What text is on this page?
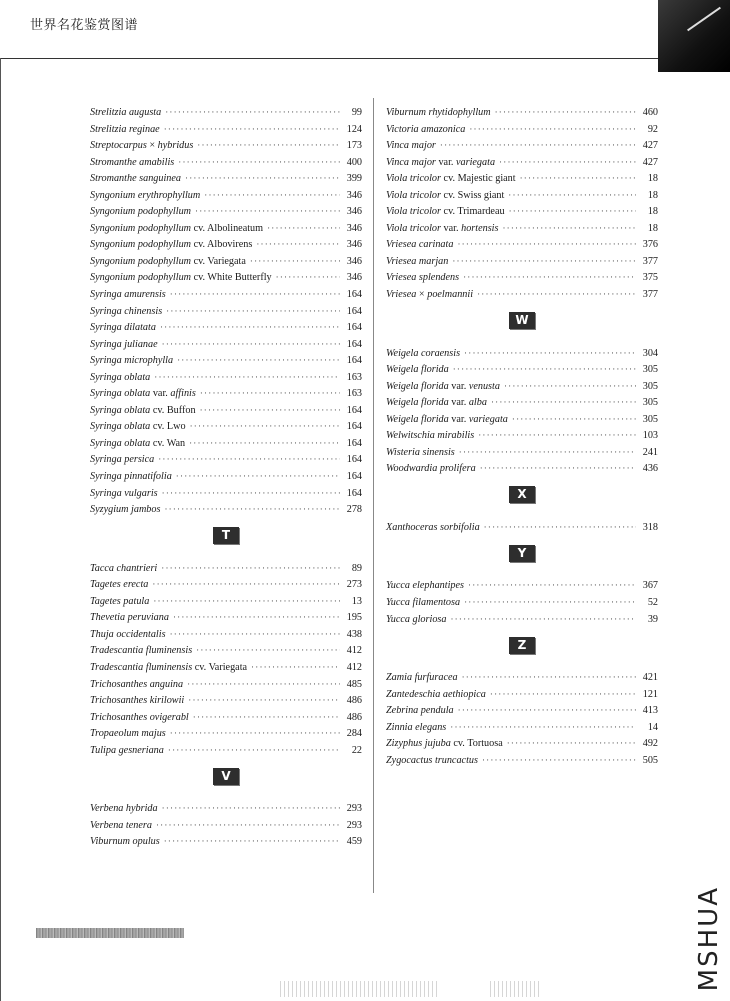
世界名花鉴赏图谱
Strelitzia augusta ·····	99
Strelitzia reginae ·····	124
Streptocarpus × hybridus ·····	173
Stromanthe amabilis ·····	400
Stromanthe sanguinea ·····	399
Syngonium erythrophyllum ·····	346
Syngonium podophyllum ·····	346
Syngonium podophyllum cv. Albolineatum ·····	346
Syngonium podophyllum cv. Albovirens ·····	346
Syngonium podophyllum cv. Variegata ·····	346
Syngonium podophyllum cv. White Butterfly ·····	346
Syringa amurensis ·····	164
Syringa chinensis ·····	164
Syringa dilatata ·····	164
Syringa julianae ·····	164
Syringa microphylla ·····	164
Syringa oblata ·····	163
Syringa oblata var. affinis ·····	163
Syringa oblata cv. Buffon ·····	164
Syringa oblata cv. Lwo ·····	164
Syringa oblata cv. Wan ·····	164
Syringa persica ·····	164
Syringa pinnatifolia ·····	164
Syringa vulgaris ·····	164
Syzygium jambos ·····	278
T
Tacca chantrieri ·····	89
Tagetes erecta ·····	273
Tagetes patula ·····	13
Thevetia peruviana ·····	195
Thuja occidentalis ·····	438
Tradescantia fluminensis ·····	412
Tradescantia fluminensis cv. Variegata ·····	412
Trichosanthes anguina ·····	485
Trichosanthes kirilowii ·····	486
Trichosanthes ovigerabl ·····	486
Tropaeolum majus ·····	284
Tulipa gesneriana ·····	22
V
Verbena hybrida ·····	293
Verbena tenera ·····	293
Viburnum opulus ·····	459
Viburnum rhytidophyllum ·····	460
Victoria amazonica ·····	92
Vinca major ·····	427
Vinca major var. variegata ·····	427
Viola tricolor cv. Majestic giant ·····	18
Viola tricolor cv. Swiss giant ·····	18
Viola tricolor cv. Trimardeau ·····	18
Viola tricolor var. hortensis ·····	18
Vriesea carinata ·····	376
Vriesea marjan ·····	377
Vriesea splendens ·····	375
Vriesea × poelmannii ·····	377
W
Weigela coraensis ·····	304
Weigela florida ·····	305
Weigela florida var. venusta ·····	305
Weigela florida var. alba ·····	305
Weigela florida var. variegata ·····	305
Welwitschia mirabilis ·····	103
Wisteria sinensis ·····	241
Woodwardia prolifera ·····	436
X
Xanthoceras sorbifolia ·····	318
Y
Yucca elephantipes ·····	367
Yucca filamentosa ·····	52
Yucca gloriosa ·····	39
Z
Zamia furfuracea ·····	421
Zantedeschia aethiopica ·····	121
Zebrina pendula ·····	413
Zinnia elegans ·····	14
Zizyphus jujuba cv. Tortuosa ·····	492
Zygocactus truncactus ·····	505
MSHUA
